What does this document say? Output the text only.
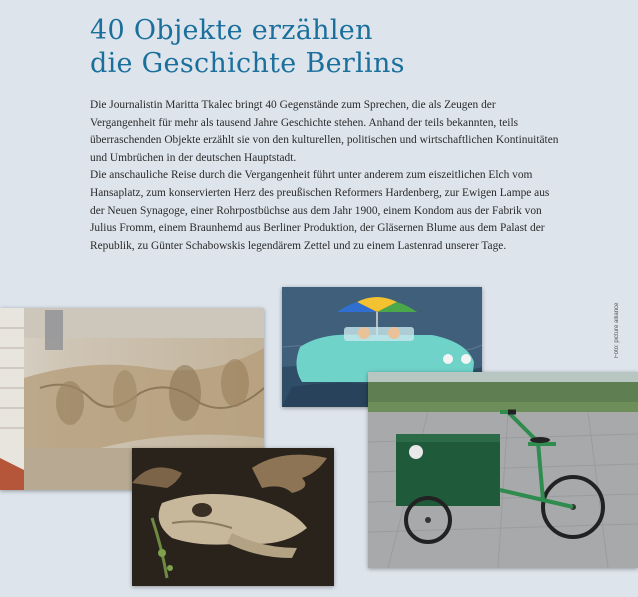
40 Objekte erzählen
die Geschichte Berlins

Die Journalistin Maritta Tkalec bringt 40 Gegenstände zum Sprechen, die als Zeugen der Vergangenheit für mehr als tausend Jahre Geschichte stehen. Anhand der teils bekannten, teils überraschenden Objekte erzählt sie von den kulturellen, politischen und wirtschaftlichen Kontinuitäten und Umbrüchen in der deutschen Hauptstadt.

Die anschauliche Reise durch die Vergangenheit führt unter anderem zum eiszeitlichen Elch vom Hansaplatz, zum konservierten Herz des preußischen Reformers Hardenberg, zur Ewigen Lampe aus der Neuen Synagoge, einer Rohrpostbüchse aus dem Jahr 1900, einem Kondom aus der Fabrik von Julius Fromm, einem Braunhemd aus Berliner Produktion, der Gläsernen Blume aus dem Palast der Republik, zu Günter Schabowskis legendärem Zettel und zu einem Lastenrad unserer Tage.

Foto: picture alliance
